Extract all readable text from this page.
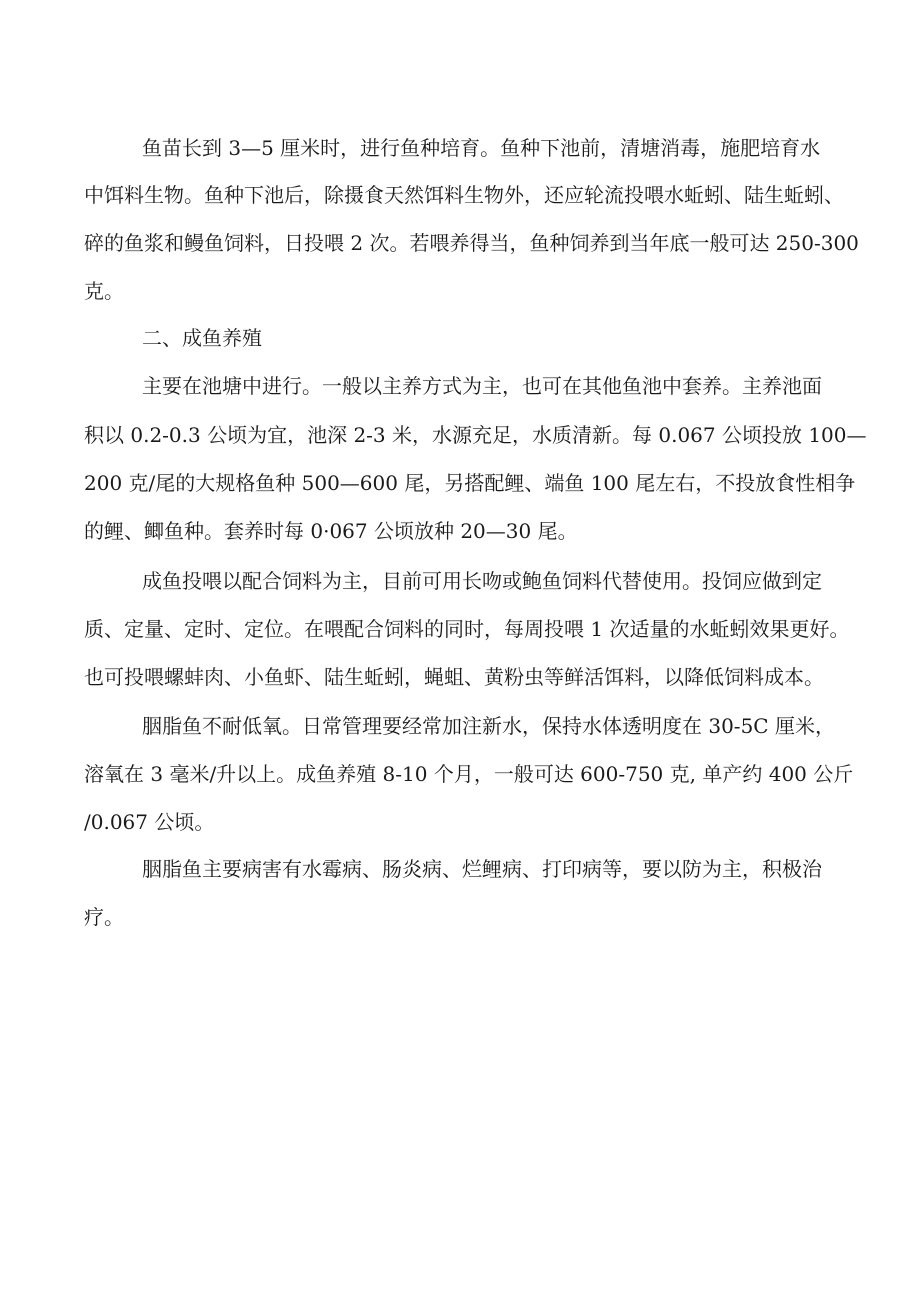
鱼苗长到 3—5 厘米时，进行鱼种培育。鱼种下池前，清塘消毒，施肥培育水
中饵料生物。鱼种下池后，除摄食天然饵料生物外，还应轮流投喂水蚯蚓、陆生蚯蚓、
碎的鱼浆和鳗鱼饲料，日投喂 2 次。若喂养得当，鱼种饲养到当年底一般可达 250-300
克。
二、成鱼养殖
主要在池塘中进行。一般以主养方式为主，也可在其他鱼池中套养。主养池面
积以 0.2-0.3 公顷为宜，池深 2-3 米，水源充足，水质清新。每 0.067 公顷投放 100—
200 克/尾的大规格鱼种 500—600 尾，另搭配鲤、端鱼 100 尾左右，不投放食性相争
的鲤、鲫鱼种。套养时每 0·067 公顷放种 20—30 尾。
成鱼投喂以配合饲料为主，目前可用长吻或鲍鱼饲料代替使用。投饲应做到定
质、定量、定时、定位。在喂配合饲料的同时，每周投喂 1 次适量的水蚯蚓效果更好。
也可投喂螺蚌肉、小鱼虾、陆生蚯蚓，蝇蛆、黄粉虫等鲜活饵料，以降低饲料成本。
胭脂鱼不耐低氧。日常管理要经常加注新水，保持水体透明度在 30-5C 厘米，
溶氧在 3 毫米/升以上。成鱼养殖 8-10 个月，一般可达 600-750 克, 单产约 400 公斤
/0.067 公顷。
胭脂鱼主要病害有水霉病、肠炎病、烂鲤病、打印病等，要以防为主，积极治
疗。
